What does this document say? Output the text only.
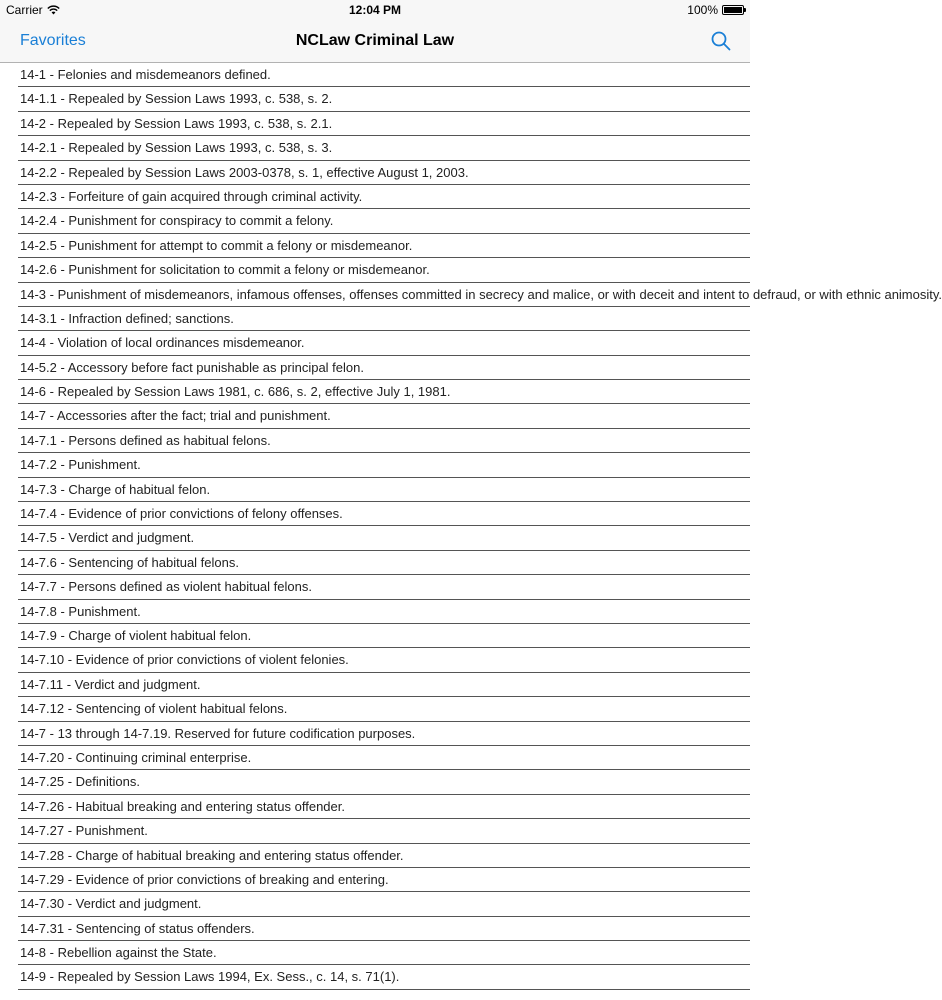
Carrier	12:04 PM	100%
Favorites	NCLaw Criminal Law
14-1 - Felonies and misdemeanors defined.
14-1.1 - Repealed by Session Laws 1993, c. 538, s. 2.
14-2 - Repealed by Session Laws 1993, c. 538, s. 2.1.
14-2.1 - Repealed by Session Laws 1993, c. 538, s. 3.
14-2.2 - Repealed by Session Laws 2003-0378, s. 1, effective August 1, 2003.
14-2.3 - Forfeiture of gain acquired through criminal activity.
14-2.4 - Punishment for conspiracy to commit a felony.
14-2.5 - Punishment for attempt to commit a felony or misdemeanor.
14-2.6 - Punishment for solicitation to commit a felony or misdemeanor.
14-3 - Punishment of misdemeanors, infamous offenses, offenses committed in secrecy and malice, or with deceit and intent to defraud, or with ethnic animosity.
14-3.1 - Infraction defined; sanctions.
14-4 - Violation of local ordinances misdemeanor.
14-5.2 - Accessory before fact punishable as principal felon.
14-6 - Repealed by Session Laws 1981, c. 686, s. 2, effective July 1, 1981.
14-7 - Accessories after the fact; trial and punishment.
14-7.1 - Persons defined as habitual felons.
14-7.2 - Punishment.
14-7.3 - Charge of habitual felon.
14-7.4 - Evidence of prior convictions of felony offenses.
14-7.5 - Verdict and judgment.
14-7.6 - Sentencing of habitual felons.
14-7.7 - Persons defined as violent habitual felons.
14-7.8 - Punishment.
14-7.9 - Charge of violent habitual felon.
14-7.10 - Evidence of prior convictions of violent felonies.
14-7.11 - Verdict and judgment.
14-7.12 - Sentencing of violent habitual felons.
14-7 - 13 through 14-7.19. Reserved for future codification purposes.
14-7.20 - Continuing criminal enterprise.
14-7.25 - Definitions.
14-7.26 - Habitual breaking and entering status offender.
14-7.27 - Punishment.
14-7.28 - Charge of habitual breaking and entering status offender.
14-7.29 - Evidence of prior convictions of breaking and entering.
14-7.30 - Verdict and judgment.
14-7.31 - Sentencing of status offenders.
14-8 - Rebellion against the State.
14-9 - Repealed by Session Laws 1994, Ex. Sess., c. 14, s. 71(1).
